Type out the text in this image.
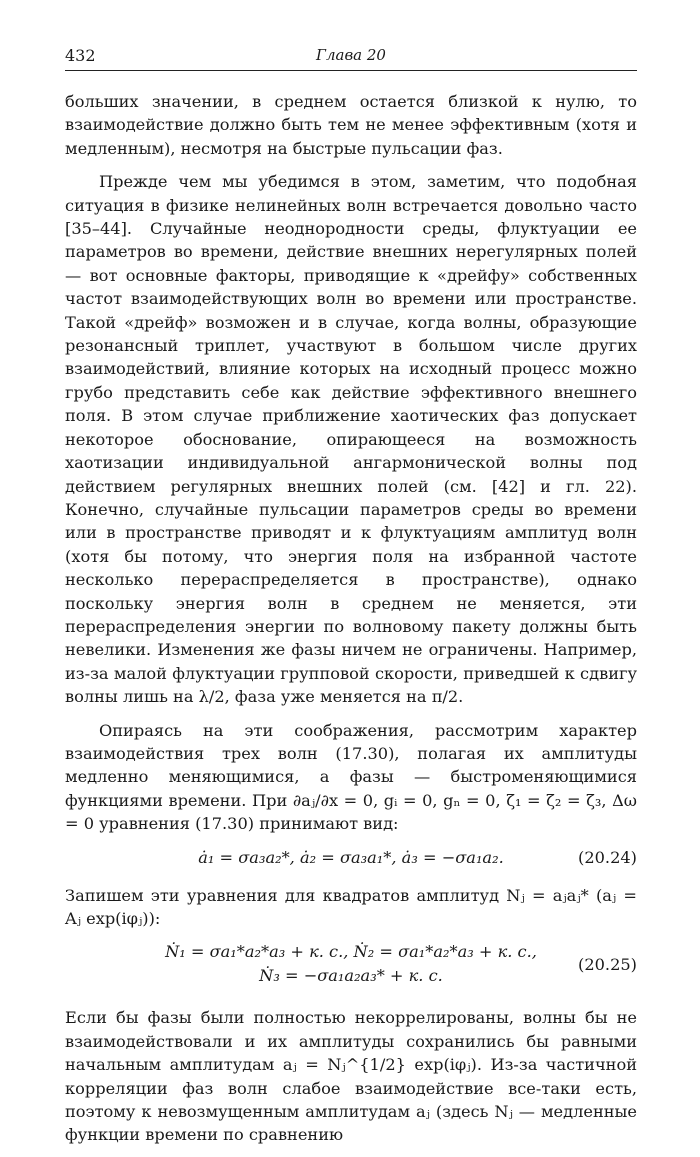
432	Глава 20

больших значении, в среднем остается близкой к нулю, то взаимодействие должно быть тем не менее эффективным (хотя и медленным), несмотря на быстрые пульсации фаз.

Прежде чем мы убедимся в этом, заметим, что подобная ситуация в физике нелинейных волн встречается довольно часто [35–44]. Случайные неоднородности среды, флуктуации ее параметров во времени, действие внешних нерегулярных полей — вот основные факторы, приводящие к «дрейфу» собственных частот взаимодействующих волн во времени или пространстве. Такой «дрейф» возможен и в случае, когда волны, образующие резонансный триплет, участвуют в большом числе других взаимодействий, влияние которых на исходный процесс можно грубо представить себе как действие эффективного внешнего поля. В этом случае приближение хаотических фаз допускает некоторое обоснование, опирающееся на возможность хаотизации индивидуальной ангармонической волны под действием регулярных внешних полей (см. [42] и гл. 22). Конечно, случайные пульсации параметров среды во времени или в пространстве приводят и к флуктуациям амплитуд волн (хотя бы потому, что энергия поля на избранной частоте несколько перераспределяется в пространстве), однако поскольку энергия волн в среднем не меняется, эти перераспределения энергии по волновому пакету должны быть невелики. Изменения же фазы ничем не ограничены. Например, из-за малой флуктуации групповой скорости, приведшей к сдвигу волны лишь на λ/2, фаза уже меняется на π/2.

Опираясь на эти соображения, рассмотрим характер взаимодействия трех волн (17.30), полагая их амплитуды медленно меняющимися, а фазы — быстроменяющимися функциями времени. При ∂aⱼ/∂x = 0, gᵢ = 0, gₙ = 0, ζ₁ = ζ₂ = ζ₃, Δω = 0 уравнения (17.30) принимают вид:

ȧ₁ = σa₃a₂*, ȧ₂ = σa₃a₁*, ȧ₃ = −σa₁a₂.	(20.24)

Запишем эти уравнения для квадратов амплитуд Nⱼ = aⱼaⱼ* (aⱼ = Aⱼ exp(iφⱼ)):

Ṅ₁ = σa₁*a₂*a₃ + к. с., Ṅ₂ = σa₁*a₂*a₃ + к. с.,
Ṅ₃ = −σa₁a₂a₃* + к. с.
(20.25)

Если бы фазы были полностью некоррелированы, волны бы не взаимодействовали и их амплитуды сохранились бы равными начальным амплитудам aⱼ = Nⱼ^{1/2} exp(iφⱼ). Из-за частичной корреляции фаз волн слабое взаимодействие все-таки есть, поэтому к невозмущенным амплитудам aⱼ (здесь Nⱼ — медленные функции времени по сравнению
